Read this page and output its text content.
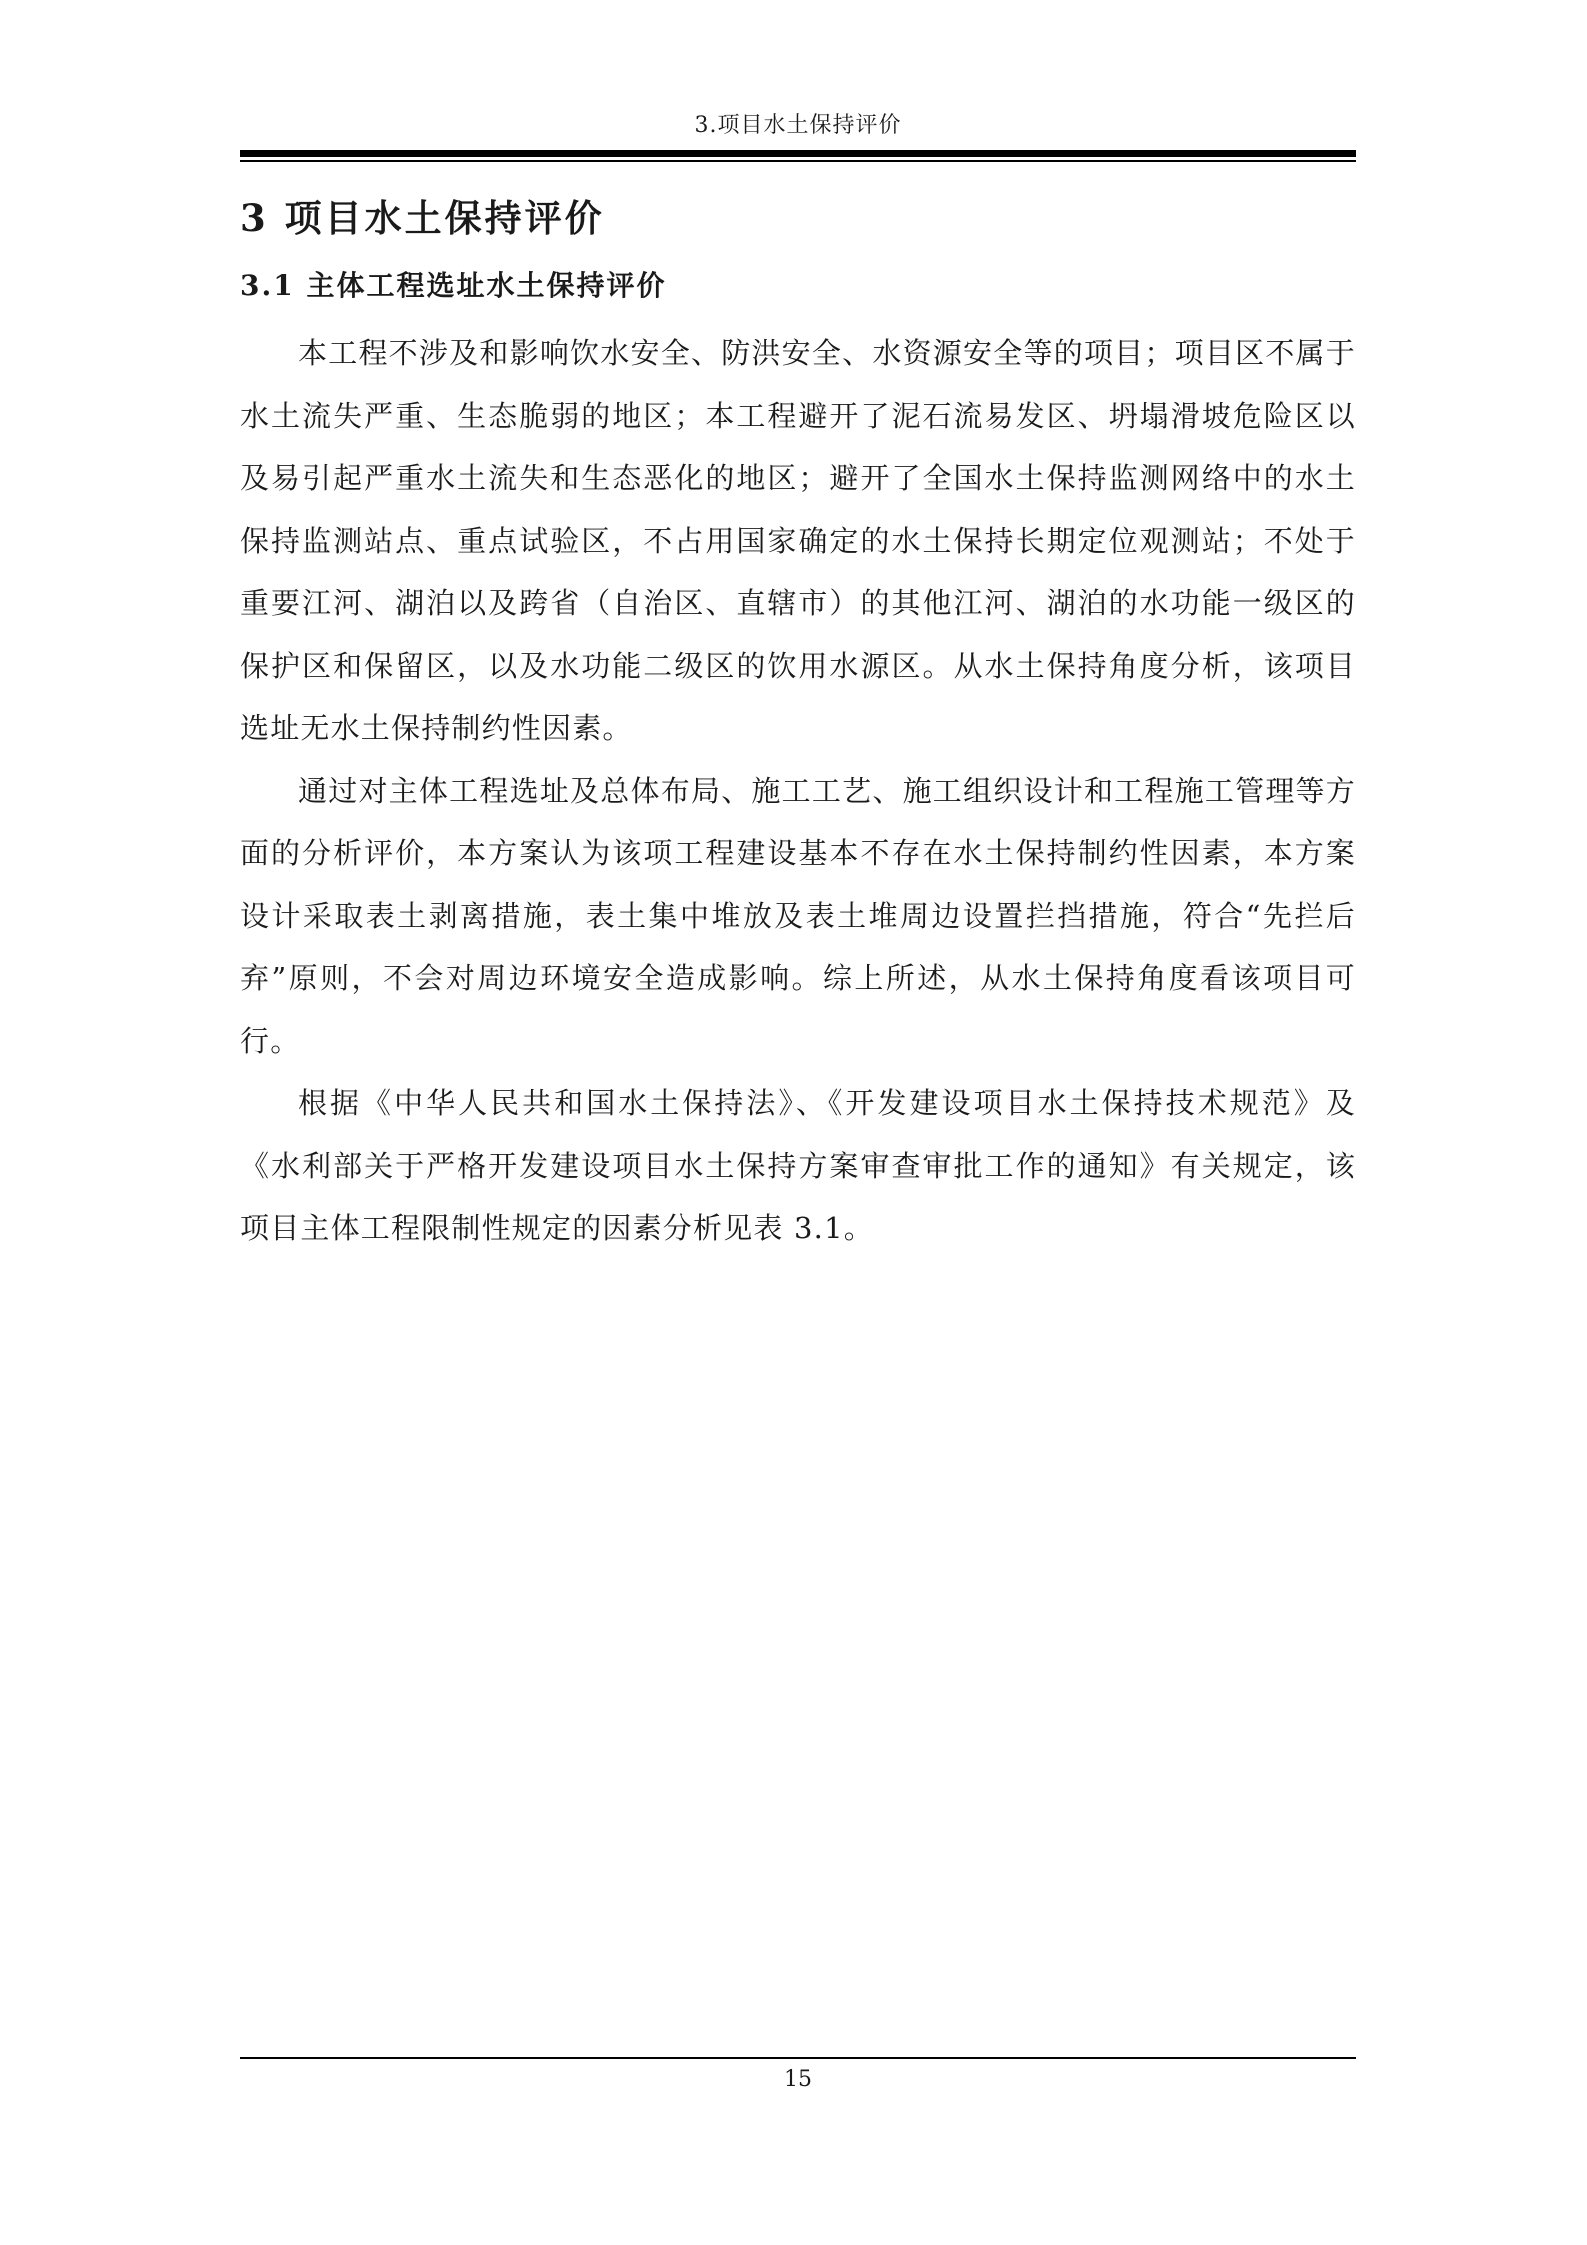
3.项目水土保持评价
3 项目水土保持评价
3.1 主体工程选址水土保持评价

本工程不涉及和影响饮水安全、防洪安全、水资源安全等的项目；项目区不属于水土流失严重、生态脆弱的地区；本工程避开了泥石流易发区、坍塌滑坡危险区以及易引起严重水土流失和生态恶化的地区；避开了全国水土保持监测网络中的水土保持监测站点、重点试验区，不占用国家确定的水土保持长期定位观测站；不处于重要江河、湖泊以及跨省（自治区、直辖市）的其他江河、湖泊的水功能一级区的保护区和保留区，以及水功能二级区的饮用水源区。从水土保持角度分析，该项目选址无水土保持制约性因素。

通过对主体工程选址及总体布局、施工工艺、施工组织设计和工程施工管理等方面的分析评价，本方案认为该项工程建设基本不存在水土保持制约性因素，本方案设计采取表土剥离措施，表土集中堆放及表土堆周边设置拦挡措施，符合“先拦后弃”原则，不会对周边环境安全造成影响。综上所述，从水土保持角度看该项目可行。

根据《中华人民共和国水土保持法》、《开发建设项目水土保持技术规范》及《水利部关于严格开发建设项目水土保持方案审查审批工作的通知》有关规定，该项目主体工程限制性规定的因素分析见表 3.1。

15
